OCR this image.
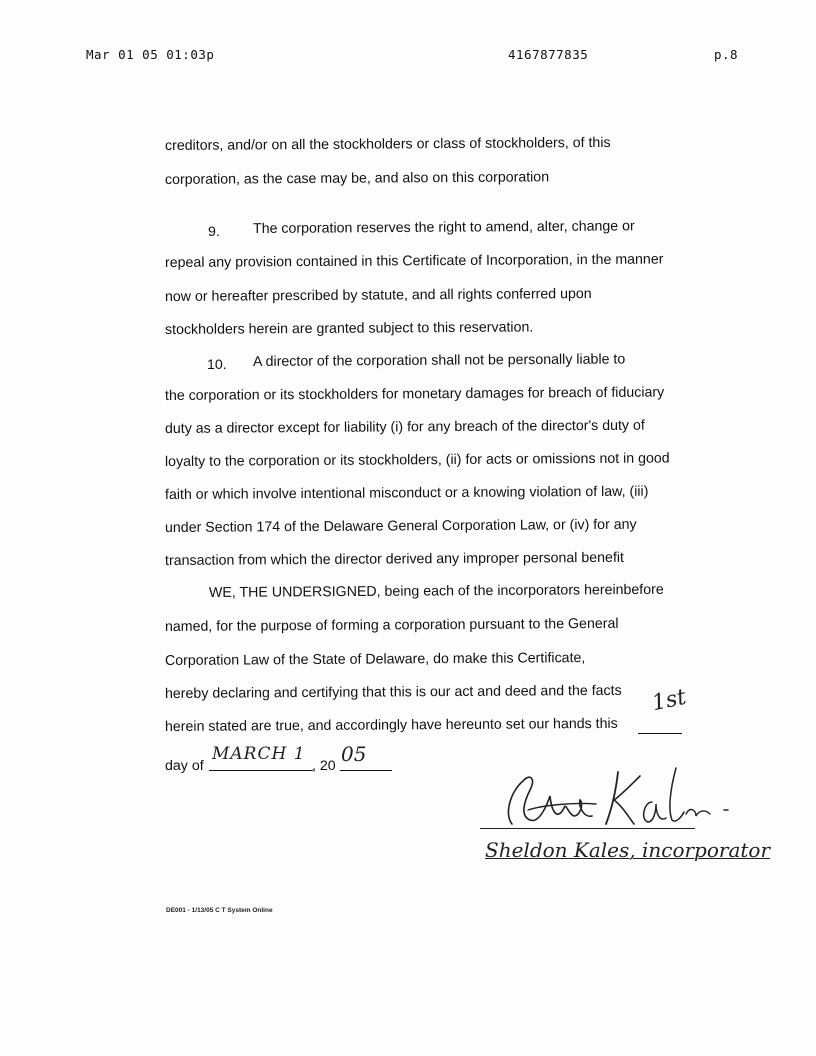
Mar 01 05 01:03p	4167877835	p.8
creditors, and/or on all the stockholders or class of stockholders, of this
corporation, as the case may be, and also on this corporation
9. The corporation reserves the right to amend, alter, change or
repeal any provision contained in this Certificate of Incorporation, in the manner
now or hereafter prescribed by statute, and all rights conferred upon
stockholders herein are granted subject to this reservation.
10. A director of the corporation shall not be personally liable to
the corporation or its stockholders for monetary damages for breach of fiduciary
duty as a director except for liability (i) for any breach of the director's duty of
loyalty to the corporation or its stockholders, (ii) for acts or omissions not in good
faith or which involve intentional misconduct or a knowing violation of law, (iii)
under Section 174 of the Delaware General Corporation Law, or (iv) for any
transaction from which the director derived any improper personal benefit
WE, THE UNDERSIGNED, being each of the incorporators hereinbefore
named, for the purpose of forming a corporation pursuant to the General
Corporation Law of the State of Delaware, do make this Certificate,
hereby declaring and certifying that this is our act and deed and the facts
herein stated are true, and accordingly have hereunto set our hands this
1st
day of
MARCH 1
, 20 05
Sheldon Kales, incorporator
DE001 - 1/13/05 C T System Online
